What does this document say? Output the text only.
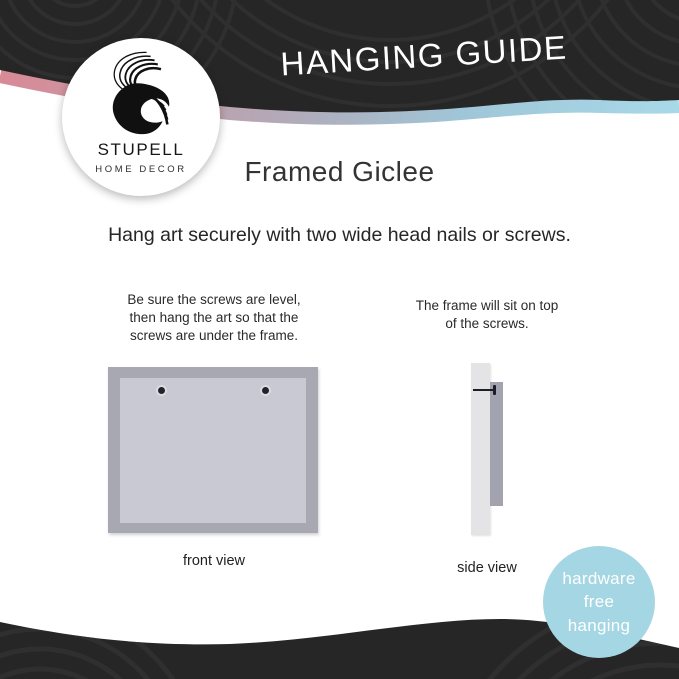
HANGING GUIDE
STUPELL
HOME DECOR	Framed Giclee
Hang art securely with two wide head nails or screws.
Be sure the screws are level,
then hang the art so that the
screws are under the frame.
front view
The frame will sit on top
of the screws.
side view
hardware
free
hanging
